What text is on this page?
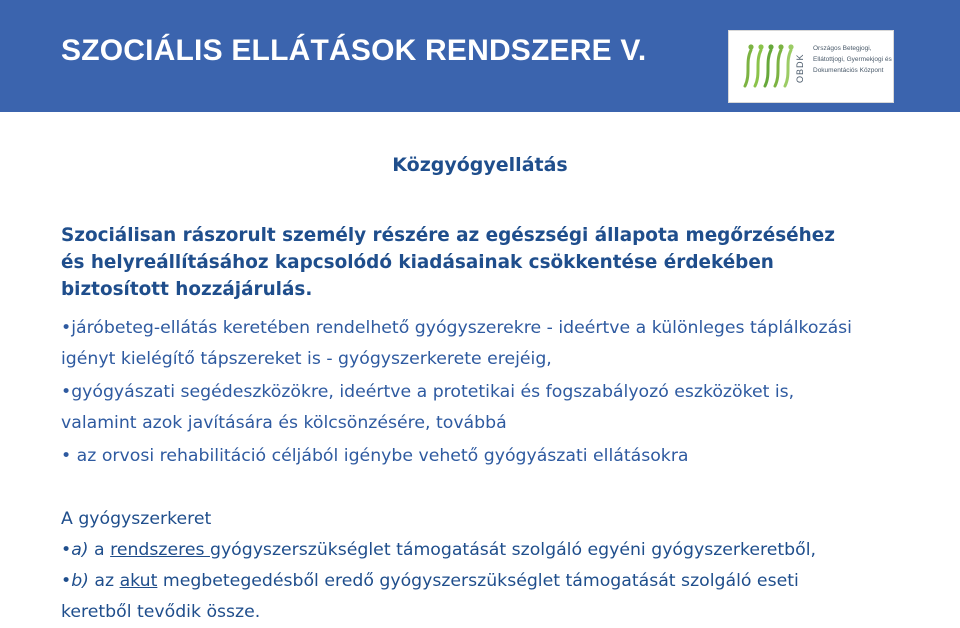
SZOCIÁLIS ELLÁTÁSOK RENDSZERE V.
OBDK
Országos Betegjogi,
Ellátottjogi, Gyermekjogi és
Dokumentációs Központ
Közgyógyellátás

Szociálisan rászorult személy részére az egészségi állapota megőrzéséhez és helyreállításához kapcsolódó kiadásainak csökkentése érdekében biztosított hozzájárulás.

•járóbeteg-ellátás keretében rendelhető gyógyszerekre - ideértve a különleges táplálkozási igényt kielégítő tápszereket is - gyógyszerkerete erejéig,

•gyógyászati segédeszközökre, ideértve a protetikai és fogszabályozó eszközöket is, valamint azok javítására és kölcsönzésére, továbbá

• az orvosi rehabilitáció céljából igénybe vehető gyógyászati ellátásokra

A gyógyszerkeret

•a) a rendszeres gyógyszerszükséglet támogatását szolgáló egyéni gyógyszerkeretből,

•b) az akut megbetegedésből eredő gyógyszerszükséglet támogatását szolgáló eseti

keretből tevődik össze.
